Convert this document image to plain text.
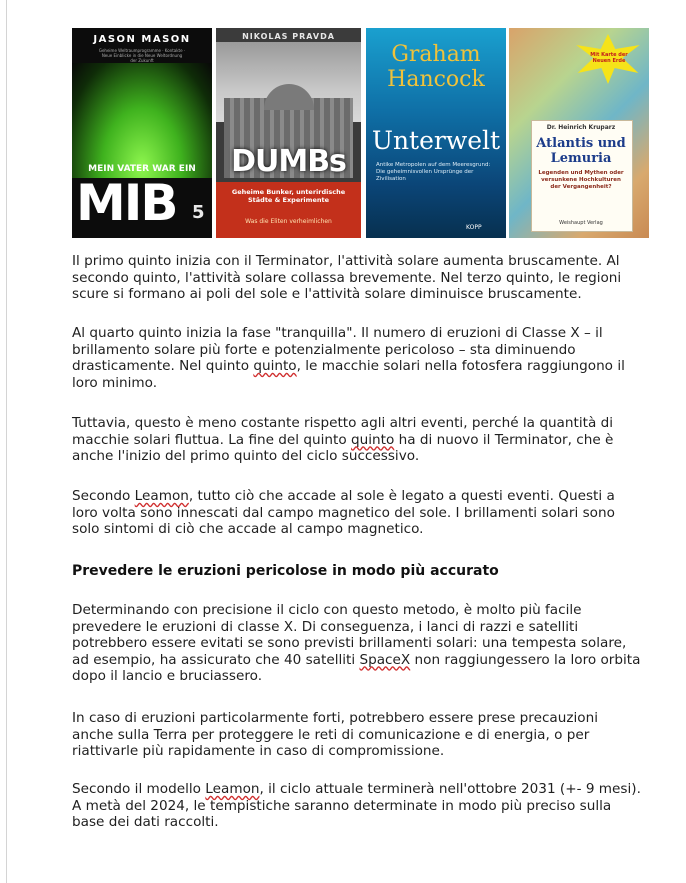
JASON MASON
Geheime Weltraumprogramme · Kontakte · Neue Einblicke in die Neue Weltordnung der Zukunft
MEIN VATER WAR EIN
MIB 5
NIKOLAS PRAVDA
DUMBs
Geheime Bunker, unterirdische Städte & Experimente
Was die Eliten verheimlichen
Graham Hancock
Unterwelt
Antike Metropolen auf dem Meeresgrund: Die geheimnisvollen Ursprünge der Zivilisation
KOPP
Mit Karte der Neuen Erde
Dr. Heinrich Kruparz
Atlantis und Lemuria
Legenden und Mythen oder versunkene Hochkulturen der Vergangenheit?
Weishaupt Verlag

Il primo quinto inizia con il Terminator, l'attività solare aumenta bruscamente. Al secondo quinto, l'attività solare collassa brevemente. Nel terzo quinto, le regioni scure si formano ai poli del sole e l'attività solare diminuisce bruscamente.

Al quarto quinto inizia la fase "tranquilla". Il numero di eruzioni di Classe X – il brillamento solare più forte e potenzialmente pericoloso – sta diminuendo drasticamente. Nel quinto quinto, le macchie solari nella fotosfera raggiungono il loro minimo.

Tuttavia, questo è meno costante rispetto agli altri eventi, perché la quantità di macchie solari fluttua. La fine del quinto quinto ha di nuovo il Terminator, che è anche l'inizio del primo quinto del ciclo successivo.

Secondo Leamon, tutto ciò che accade al sole è legato a questi eventi. Questi a loro volta sono innescati dal campo magnetico del sole. I brillamenti solari sono solo sintomi di ciò che accade al campo magnetico.

Prevedere le eruzioni pericolose in modo più accurato

Determinando con precisione il ciclo con questo metodo, è molto più facile prevedere le eruzioni di classe X. Di conseguenza, i lanci di razzi e satelliti potrebbero essere evitati se sono previsti brillamenti solari: una tempesta solare, ad esempio, ha assicurato che 40 satelliti SpaceX non raggiungessero la loro orbita dopo il lancio e bruciassero.

In caso di eruzioni particolarmente forti, potrebbero essere prese precauzioni anche sulla Terra per proteggere le reti di comunicazione e di energia, o per riattivarle più rapidamente in caso di compromissione.

Secondo il modello Leamon, il ciclo attuale terminerà nell'ottobre 2031 (+- 9 mesi). A metà del 2024, le tempistiche saranno determinate in modo più preciso sulla base dei dati raccolti.
